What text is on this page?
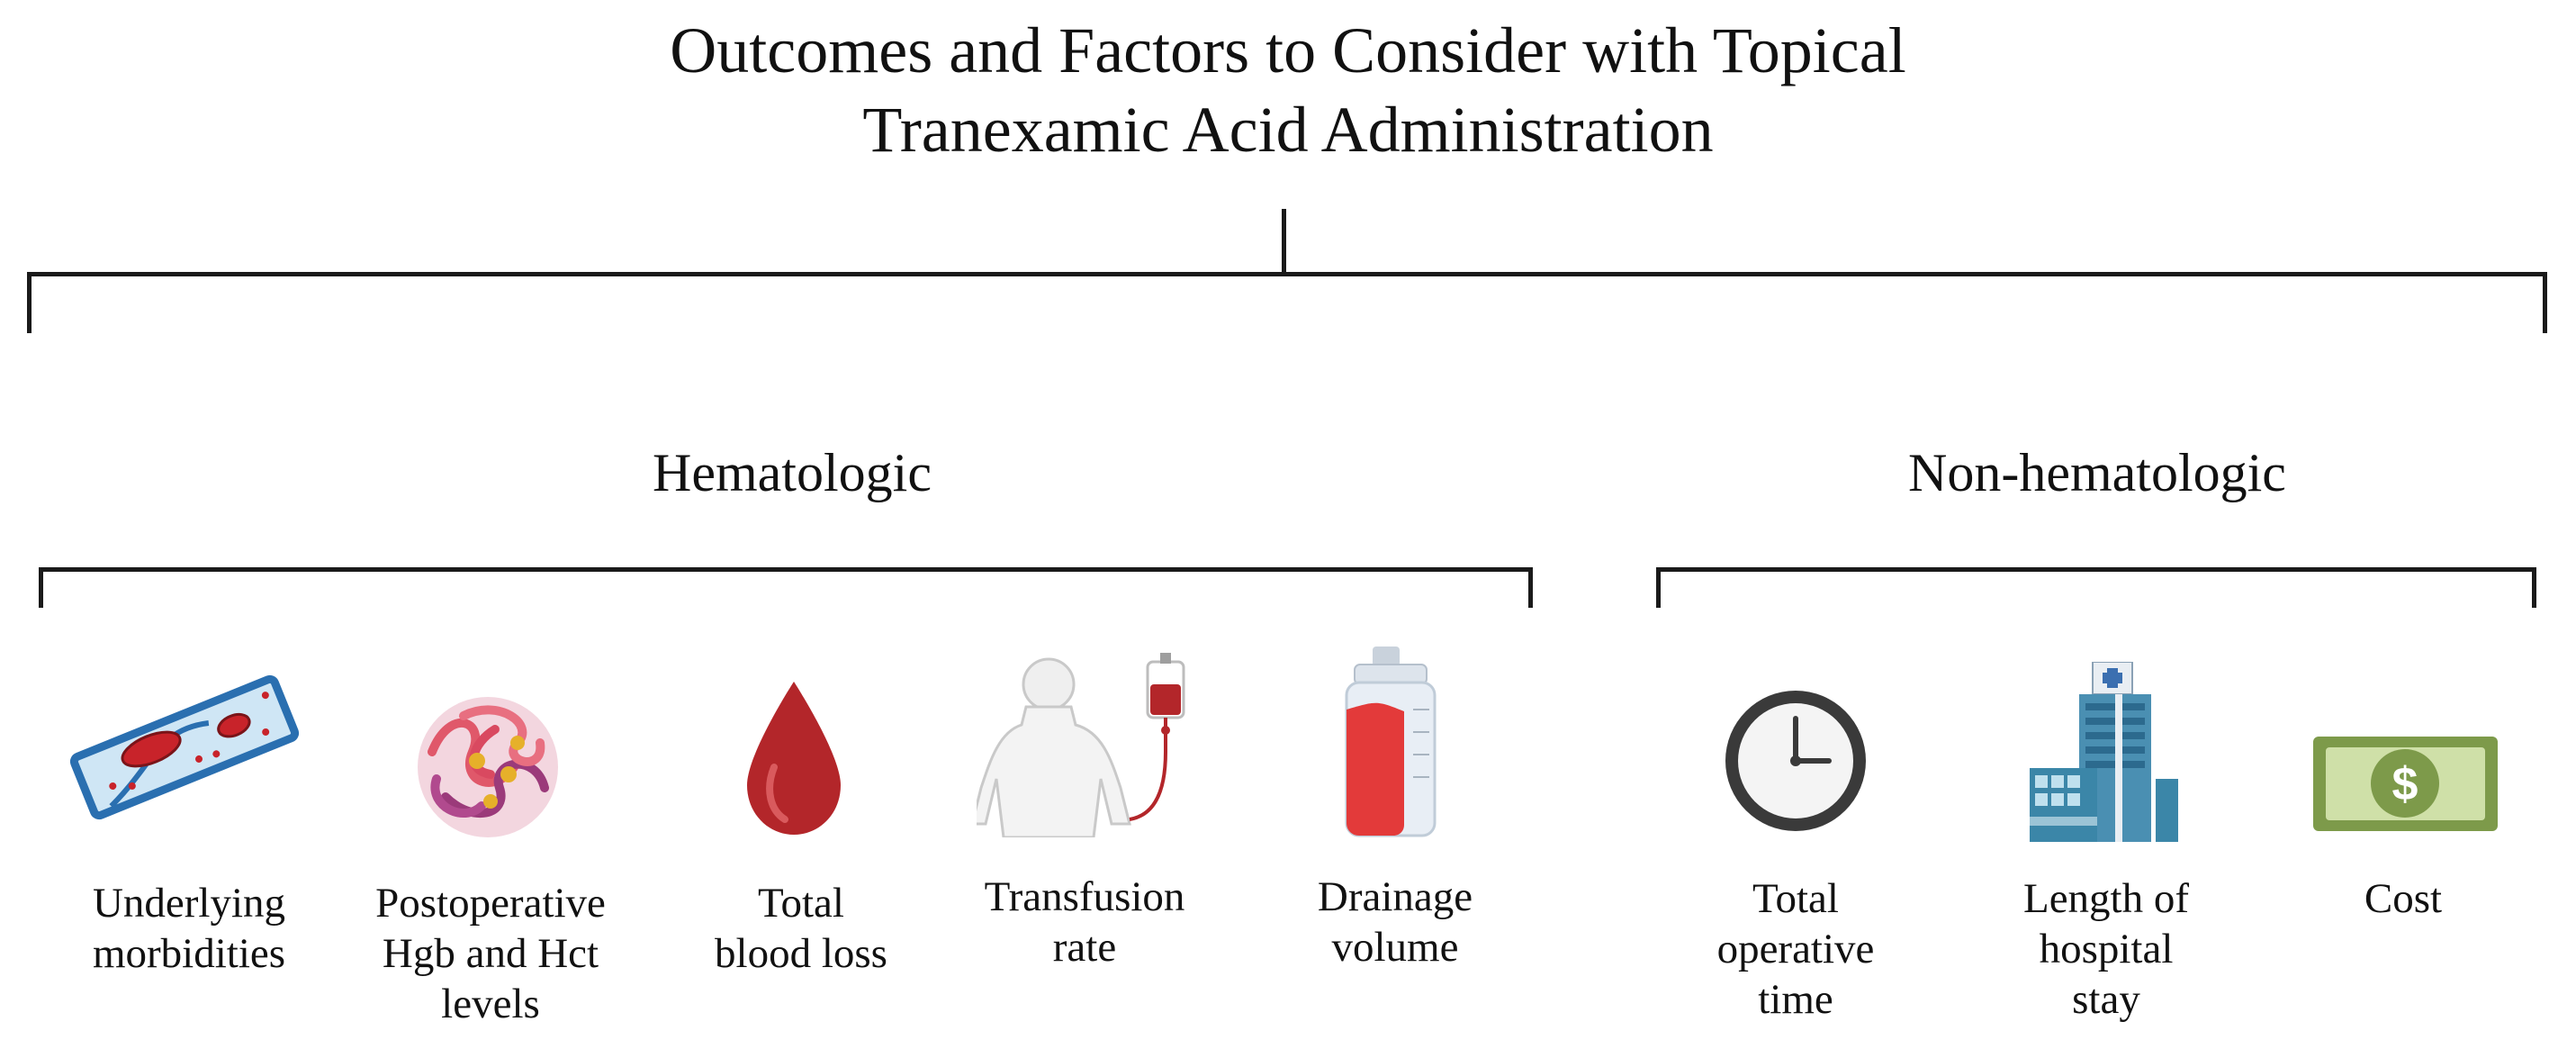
Outcomes and Factors to Consider with Topical
Tranexamic Acid Administration
Hematologic	Non-hematologic
$
Underlying
morbidities
Postoperative
Hgb and Hct
levels
Total
blood loss
Transfusion
rate
Drainage
volume
Total
operative
time
Length of
hospital
stay
Cost
